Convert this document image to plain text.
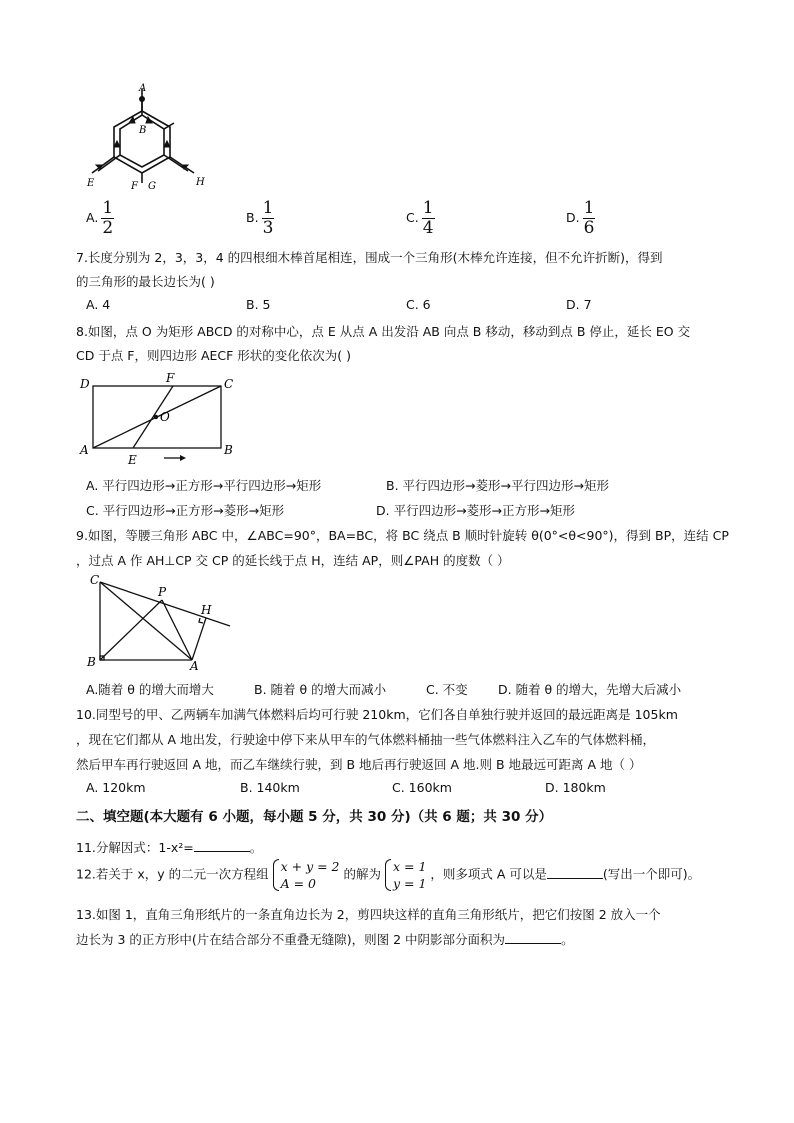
A
B
E	F G	H
A. $\frac{1}{2}$	B. $\frac{1}{3}$	C. $\frac{1}{4}$	D. $\frac{1}{6}$
7.长度分别为 2，3，3，4 的四根细木棒首尾相连，围成一个三角形(木棒允许连接，但不允许折断)，得到
的三角形的最长边长为( )
A. 4	B. 5	C. 6	D. 7
8.如图，点 O 为矩形 ABCD 的对称中心，点 E 从点 A 出发沿 AB 向点 B 移动，移动到点 B 停止，延长 EO 交
CD 于点 F，则四边形 AECF 形状的变化依次为( )
D	F	C
O
A
E
B
A. 平行四边形→正方形→平行四边形→矩形	B. 平行四边形→菱形→平行四边形→矩形
C. 平行四边形→正方形→菱形→矩形	D. 平行四边形→菱形→正方形→矩形
9.如图，等腰三角形 ABC 中，∠ABC=90°，BA=BC，将 BC 绕点 B 顺时针旋转 θ(0°<θ<90°)，得到 BP，连结 CP
，过点 A 作 AH⊥CP 交 CP 的延长线于点 H，连结 AP，则∠PAH 的度数（ ）
C
P
H
B	A
A.随着 θ 的增大而增大	B. 随着 θ 的增大而减小	C. 不变 D. 随着 θ 的增大，先增大后减小
10.同型号的甲、乙两辆车加满气体燃料后均可行驶 210km，它们各自单独行驶并返回的最远距离是 105km
，现在它们都从 A 地出发，行驶途中停下来从甲车的气体燃料桶抽一些气体燃料注入乙车的气体燃料桶，
然后甲车再行驶返回 A 地，而乙车继续行驶，到 B 地后再行驶返回 A 地.则 B 地最远可距离 A 地（ ）
A. 120km	B. 140km	C. 160km	D. 180km
二、填空题(本大题有 6 小题，每小题 5 分，共 30 分)（共 6 题；共 30 分）
11.分解因式：1-x²=	。
12.若关于 x，y 的二元一次方程组 x + y = 2
A = 0
的解为 x = 1
y = 1
，则多项式 A 可以是	(写出一个即可)。
13.如图 1，直角三角形纸片的一条直角边长为 2，剪四块这样的直角三角形纸片，把它们按图 2 放入一个
边长为 3 的正方形中(片在结合部分不重叠无缝隙)，则图 2 中阴影部分面积为	。
